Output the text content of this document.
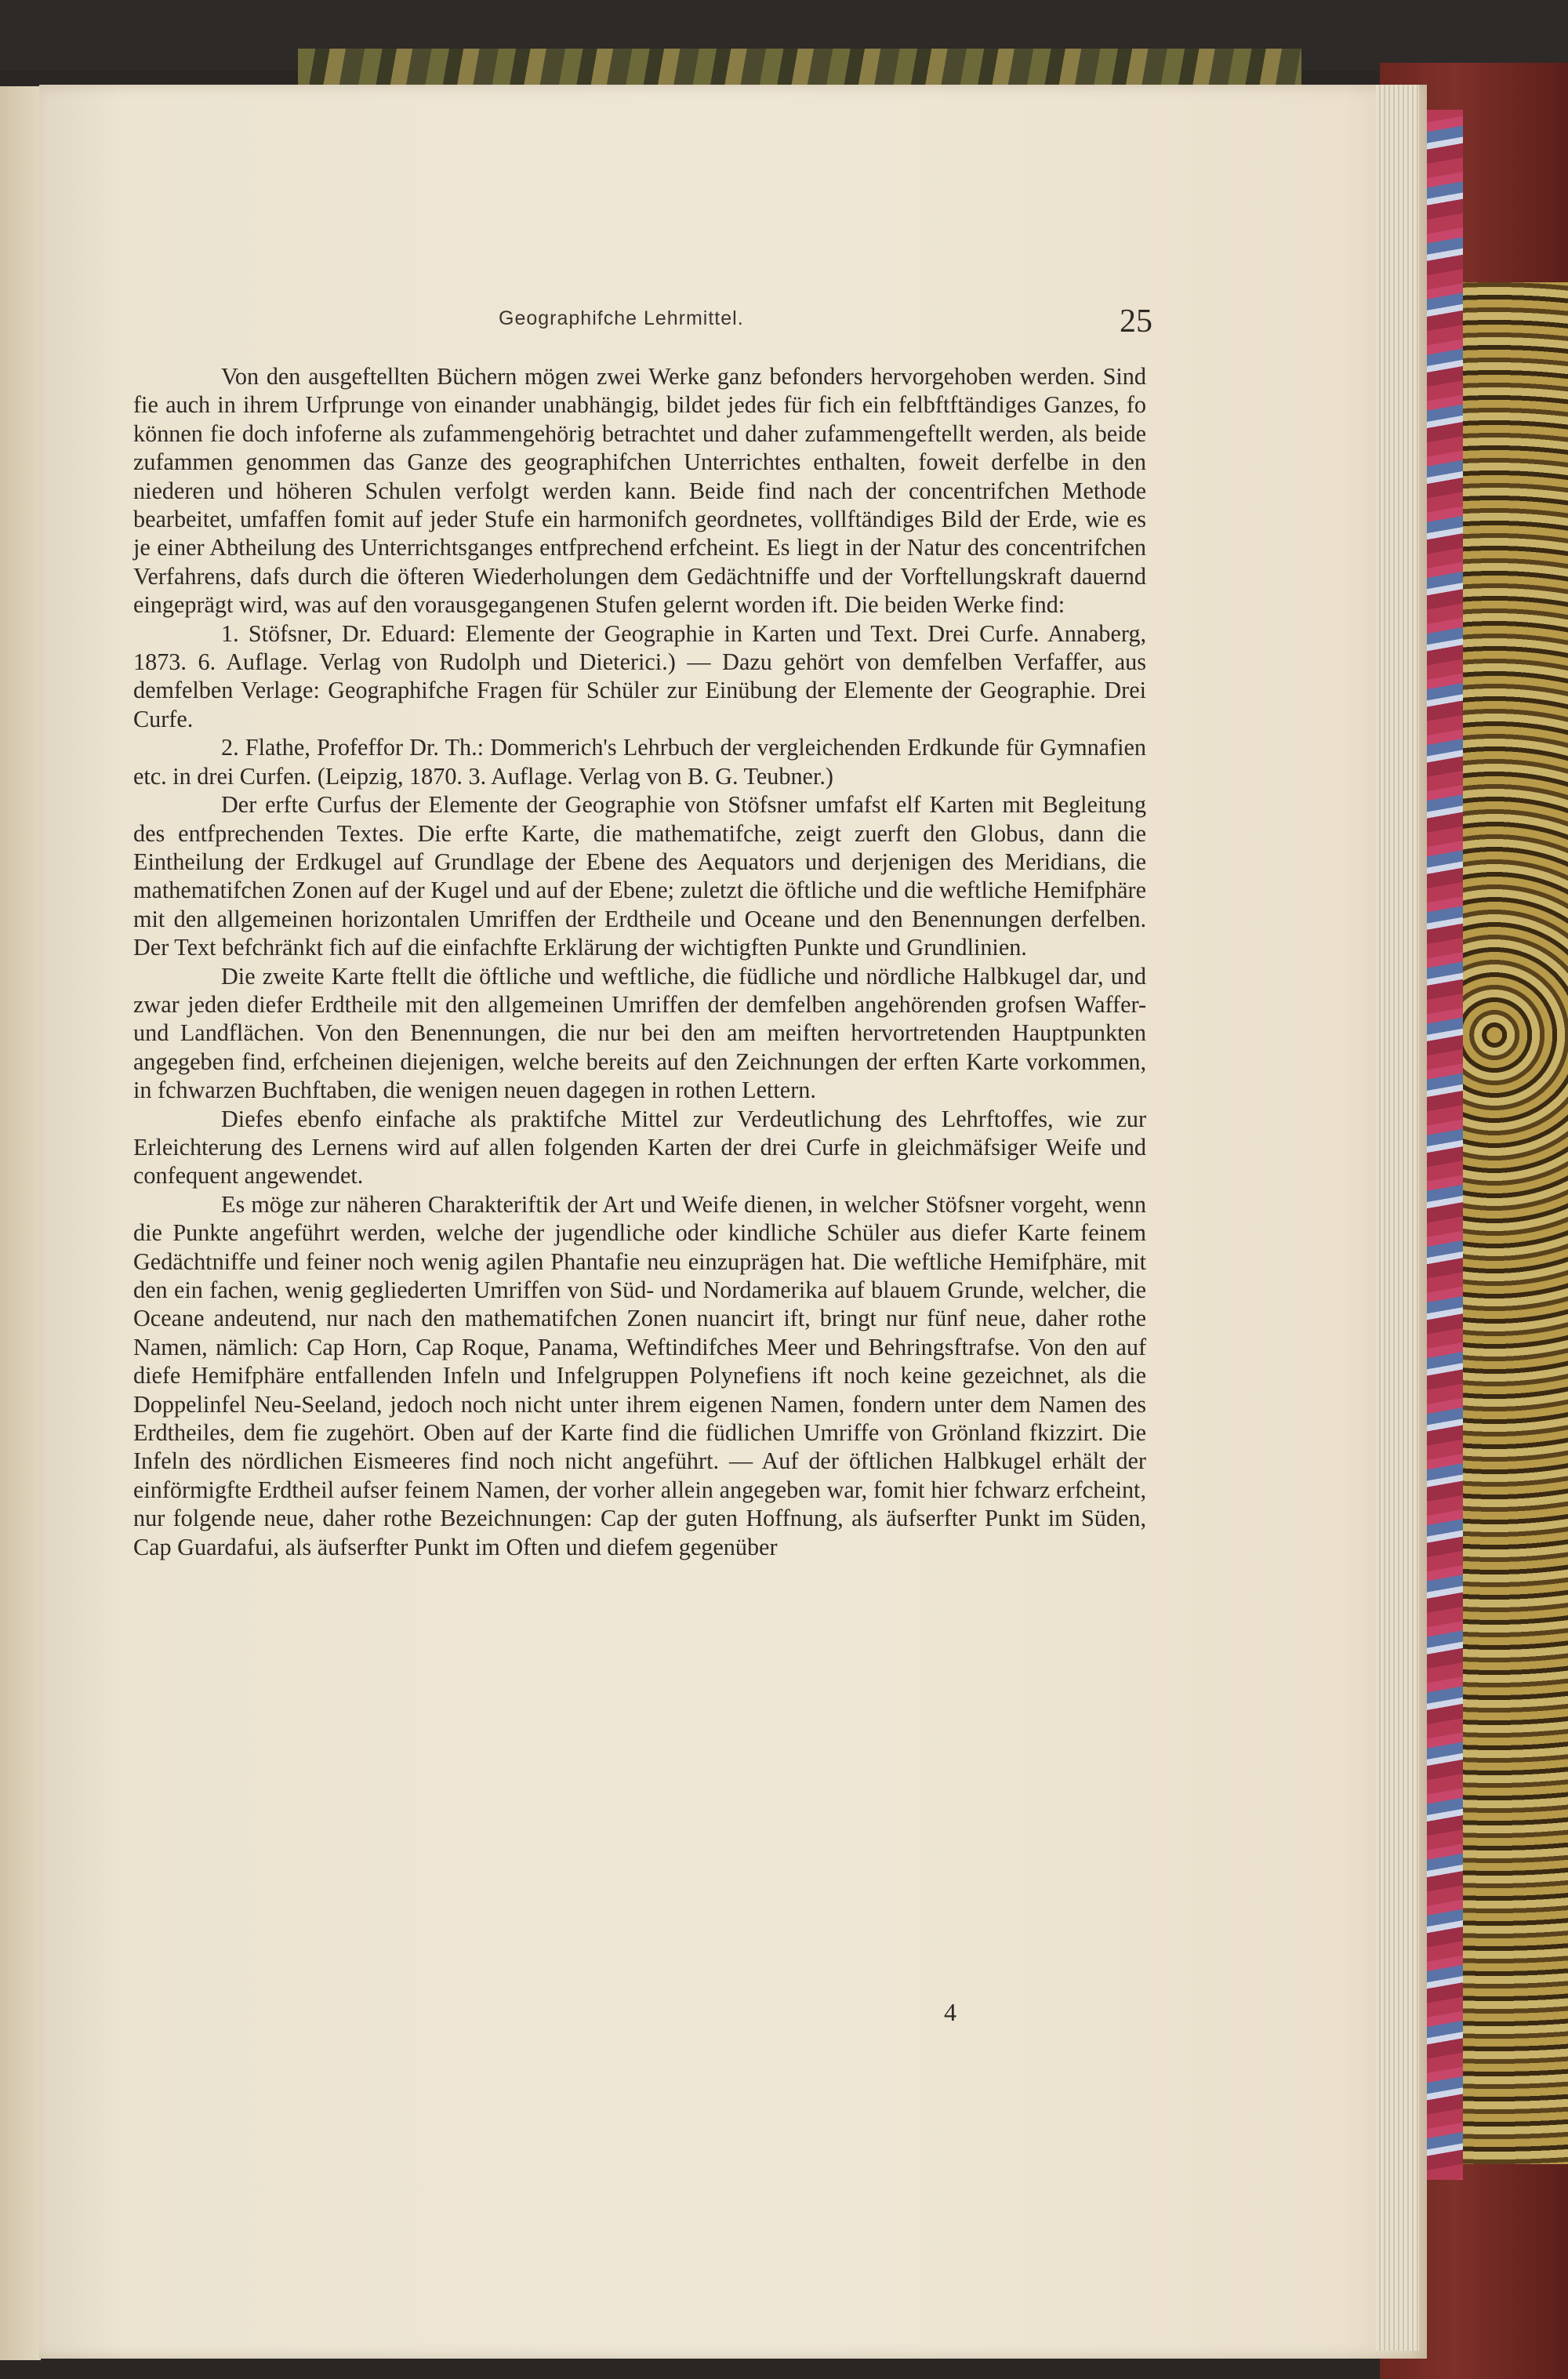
Geographifche Lehrmittel.	25

Von den ausgeftellten Büchern mögen zwei Werke ganz befonders hervorgehoben werden. Sind fie auch in ihrem Urfprunge von einander unabhängig, bildet jedes für fich ein felbftftändiges Ganzes, fo können fie doch infoferne als zufammengehörig betrachtet und daher zufammengeftellt werden, als beide zufammen genommen das Ganze des geographifchen Unterrichtes enthalten, foweit derfelbe in den niederen und höheren Schulen verfolgt werden kann. Beide find nach der concentrifchen Methode bearbeitet, umfaffen fomit auf jeder Stufe ein harmonifch geordnetes, vollftändiges Bild der Erde, wie es je einer Abtheilung des Unterrichtsganges entfprechend erfcheint. Es liegt in der Natur des concentrifchen Verfahrens, dafs durch die öfteren Wiederholungen dem Gedächtniffe und der Vorftellungskraft dauernd eingeprägt wird, was auf den vorausgegangenen Stufen gelernt worden ift. Die beiden Werke find:

1. Stöfsner, Dr. Eduard: Elemente der Geographie in Karten und Text. Drei Curfe. Annaberg, 1873. 6. Auflage. Verlag von Rudolph und Dieterici.) — Dazu gehört von demfelben Verfaffer, aus demfelben Verlage: Geographifche Fragen für Schüler zur Einübung der Elemente der Geographie. Drei Curfe.

2. Flathe, Profeffor Dr. Th.: Dommerich's Lehrbuch der vergleichenden Erdkunde für Gymnafien etc. in drei Curfen. (Leipzig, 1870. 3. Auflage. Verlag von B. G. Teubner.)

Der erfte Curfus der Elemente der Geographie von Stöfsner umfafst elf Karten mit Begleitung des entfprechenden Textes. Die erfte Karte, die mathematifche, zeigt zuerft den Globus, dann die Eintheilung der Erdkugel auf Grundlage der Ebene des Aequators und derjenigen des Meridians, die mathematifchen Zonen auf der Kugel und auf der Ebene; zuletzt die öftliche und die weftliche Hemifphäre mit den allgemeinen horizontalen Umriffen der Erdtheile und Oceane und den Benennungen derfelben. Der Text befchränkt fich auf die einfachfte Erklärung der wichtigften Punkte und Grundlinien.

Die zweite Karte ftellt die öftliche und weftliche, die füdliche und nördliche Halbkugel dar, und zwar jeden diefer Erdtheile mit den allgemeinen Umriffen der demfelben angehörenden grofsen Waffer- und Landflächen. Von den Benennungen, die nur bei den am meiften hervortretenden Hauptpunkten angegeben find, erfcheinen diejenigen, welche bereits auf den Zeichnungen der erften Karte vorkommen, in fchwarzen Buchftaben, die wenigen neuen dagegen in rothen Lettern.

Diefes ebenfo einfache als praktifche Mittel zur Verdeutlichung des Lehrftoffes, wie zur Erleichterung des Lernens wird auf allen folgenden Karten der drei Curfe in gleichmäfsiger Weife und confequent angewendet.

Es möge zur näheren Charakteriftik der Art und Weife dienen, in welcher Stöfsner vorgeht, wenn die Punkte angeführt werden, welche der jugendliche oder kindliche Schüler aus diefer Karte feinem Gedächtniffe und feiner noch wenig agilen Phantafie neu einzuprägen hat. Die weftliche Hemifphäre, mit den ein fachen, wenig gegliederten Umriffen von Süd- und Nordamerika auf blauem Grunde, welcher, die Oceane andeutend, nur nach den mathematifchen Zonen nuancirt ift, bringt nur fünf neue, daher rothe Namen, nämlich: Cap Horn, Cap Roque, Panama, Weftindifches Meer und Behringsftrafse. Von den auf diefe Hemifphäre entfallenden Infeln und Infelgruppen Polynefiens ift noch keine gezeichnet, als die Doppelinfel Neu-Seeland, jedoch noch nicht unter ihrem eigenen Namen, fondern unter dem Namen des Erdtheiles, dem fie zugehört. Oben auf der Karte find die füdlichen Umriffe von Grönland fkizzirt. Die Infeln des nördlichen Eismeeres find noch nicht angeführt. — Auf der öftlichen Halbkugel erhält der einförmigfte Erdtheil aufser feinem Namen, der vorher allein angegeben war, fomit hier fchwarz erfcheint, nur folgende neue, daher rothe Bezeichnungen: Cap der guten Hoffnung, als äufserfter Punkt im Süden, Cap Guardafui, als äufserfter Punkt im Often und diefem gegenüber

4
